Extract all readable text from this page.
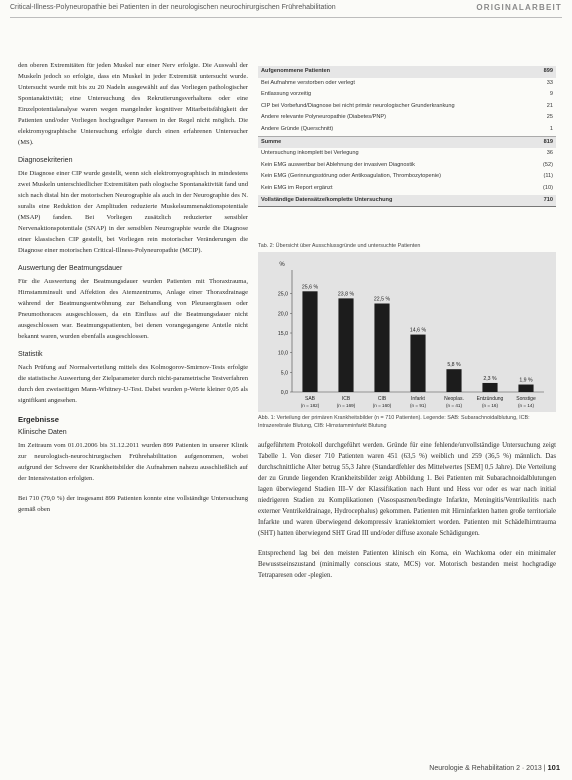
Critical-Illness-Polyneuropathie bei Patienten in der neurologischen neurochirurgischen Frührehabilitation	ORIGINALARBEIT

den oberen Extremitäten für jeden Muskel nur einer Nerv erfolgte. Die Auswahl der Muskeln jedoch so erfolgte, dass ein Muskel in jeder Extremität untersucht wurde. Untersucht wurde mit bis zu 20 Nadeln ausgewählt auf das Vorliegen pathologischer Spontanaktivität; eine Untersuchung des Rekrutierungsverhaltens oder eine Einzelpotentialanalyse waren wegen mangelnder kognitiver Mitarbeitsfähigkeit der Patienten und/oder Vorliegen hochgradiger Paresen in der Regel nicht möglich. Die elektromyographische Untersuchung erfolgte durch einen erfahrenen Untersucher (MS).

Diagnosekriterien

Die Diagnose einer CIP wurde gestellt, wenn sich elektromyographisch in mindestens zwei Muskeln unterschiedlicher Extremitäten path ologische Spontanaktivität fand und sich nach distal hin der motorischen Neurographie als auch in der Neurographie des N. suralis eine Reduktion der Amplituden reduzierte Muskelsummenaktionspotentiale (MSAP) fanden. Bei Vorliegen zusätzlich reduzierter sensibler Nervenaktionspotentiale (SNAP) in der sensiblen Neurographie wurde die Diagnose einer klassischen CIP gestellt, bei Vorliegen rein motorischer Veränderungen die Diagnose einer motorischen Critical-Illness-Polyneuropathie (MCIP).

Auswertung der Beatmungsdauer

Für die Auswertung der Beatmungsdauer wurden Patienten mit Thoraxtrauma, Hirnstamminsult und Affektion des Atemzentrums, Anlage einer Thoraxdrainage während der Beatmungsentwöhnung zur Behandlung von Pleuraergüssen oder Pneumothoraces ausgeschlossen, da ein Einfluss auf die Beatmungsdauer nicht ausgeschlossen war. Beatmungspatienten, bei denen vorangegangene Anteile nicht bekannt waren, wurden ebenfalls ausgeschlossen.

Statistik

Nach Prüfung auf Normalverteilung mittels des Kolmogorov-Smirnov-Tests erfolgte die statistische Auswertung der Zielparameter durch nicht-parametrische Testverfahren durch den zweiseitigen Mann-Whitney-U-Test. Dabei wurden p-Werte kleiner 0,05 als signifikant angesehen.

Ergebnisse
Klinische Daten

Im Zeitraum vom 01.01.2006 bis 31.12.2011 wurden 899 Patienten in unserer Klinik zur neurologisch-neurochirurgischen Frührehabilitation aufgenommen, wobei aufgrund der Schwere der Krankheitsbilder die Aufnahmen nahezu ausschließlich auf der Intensivstation erfolgten.

Bei 710 (79,0 %) der insgesamt 899 Patienten konnte eine vollständige Untersuchung gemäß oben

Aufgenommene Patienten	899
Bei Aufnahme verstorben oder verlegt	33
Entlassung vorzeitig	9
CIP bei Vorbefund/Diagnose bei nicht primär neurologischer Grunderkrankung	21
Andere relevante Polyneuropathie (Diabetes/PNP)	25
Andere Gründe (Querschnitt)	1
Summe	819
Untersuchung inkomplett bei Verlegung	36
Kein EMG auswertbar bei Ablehnung der invasiven Diagnostik	(52)
Kein EMG (Gerinnungsstörung oder Antikoagulation, Thrombozytopenie)	(11)
Kein EMG im Report ergänzt	(10)
Vollständige Datensätze/komplette Untersuchung	710
Tab. 2: Übersicht über Ausschlussgründe und untersuchte Patienten
%
0,0
5,0
10,0
15,0
20,0
25,0
25,6 %
SAB
(n = 182)
23,8 %
ICB
(n = 169)
22,5 %
CIB
(n = 160)
14,6 %
Infarkt
(n = 91)
5,8 %
Neoplas.
(n = 41)
2,3 %
Entzündung
(n = 16)
1,9 %
Sonstige
(n = 14)
Abb. 1: Verteilung der primären Krankheitsbilder (n = 710 Patienten). Legende: SAB: Subarachnoidalblutung, ICB: Intrazerebrale Blutung, CIB: Hirnstamminfarkt Blutung

aufgeführtem Protokoll durchgeführt werden. Gründe für eine fehlende/unvollständige Untersuchung zeigt Tabelle 1. Von dieser 710 Patienten waren 451 (63,5 %) weiblich und 259 (36,5 %) männlich. Das durchschnittliche Alter betrug 55,3 Jahre (Standardfehler des Mittelwertes [SEM] 0,5 Jahre). Die Verteilung der zu Grunde liegenden Krankheitsbilder zeigt Abbildung 1. Bei Patienten mit Subarachnoidalblutungen lagen überwiegend Stadien III–V der Klassifikation nach Hunt und Hess vor oder es war nach initial niedrigeren Stadien zu Komplikationen (Vasospasmen/bedingte Infarkte, Meningitis/Ventrikulitis nach externer Ventrikeldrainage, Hydrocephalus) gekommen. Patienten mit Hirninfarkten hatten große territoriale Infarkte und waren überwiegend dekompressiv kraniektomiert worden. Patienten mit Schädelhirntrauma (SHT) hatten überwiegend SHT Grad III und/oder diffuse axonale Schädigungen.

Entsprechend lag bei den meisten Patienten klinisch ein Koma, ein Wachkoma oder ein minimaler Bewusstseinszustand (minimally conscious state, MCS) vor. Motorisch bestanden meist hochgradige Tetraparesen oder -plegien.

Neurologie & Rehabilitation 2 · 2013 | 101
